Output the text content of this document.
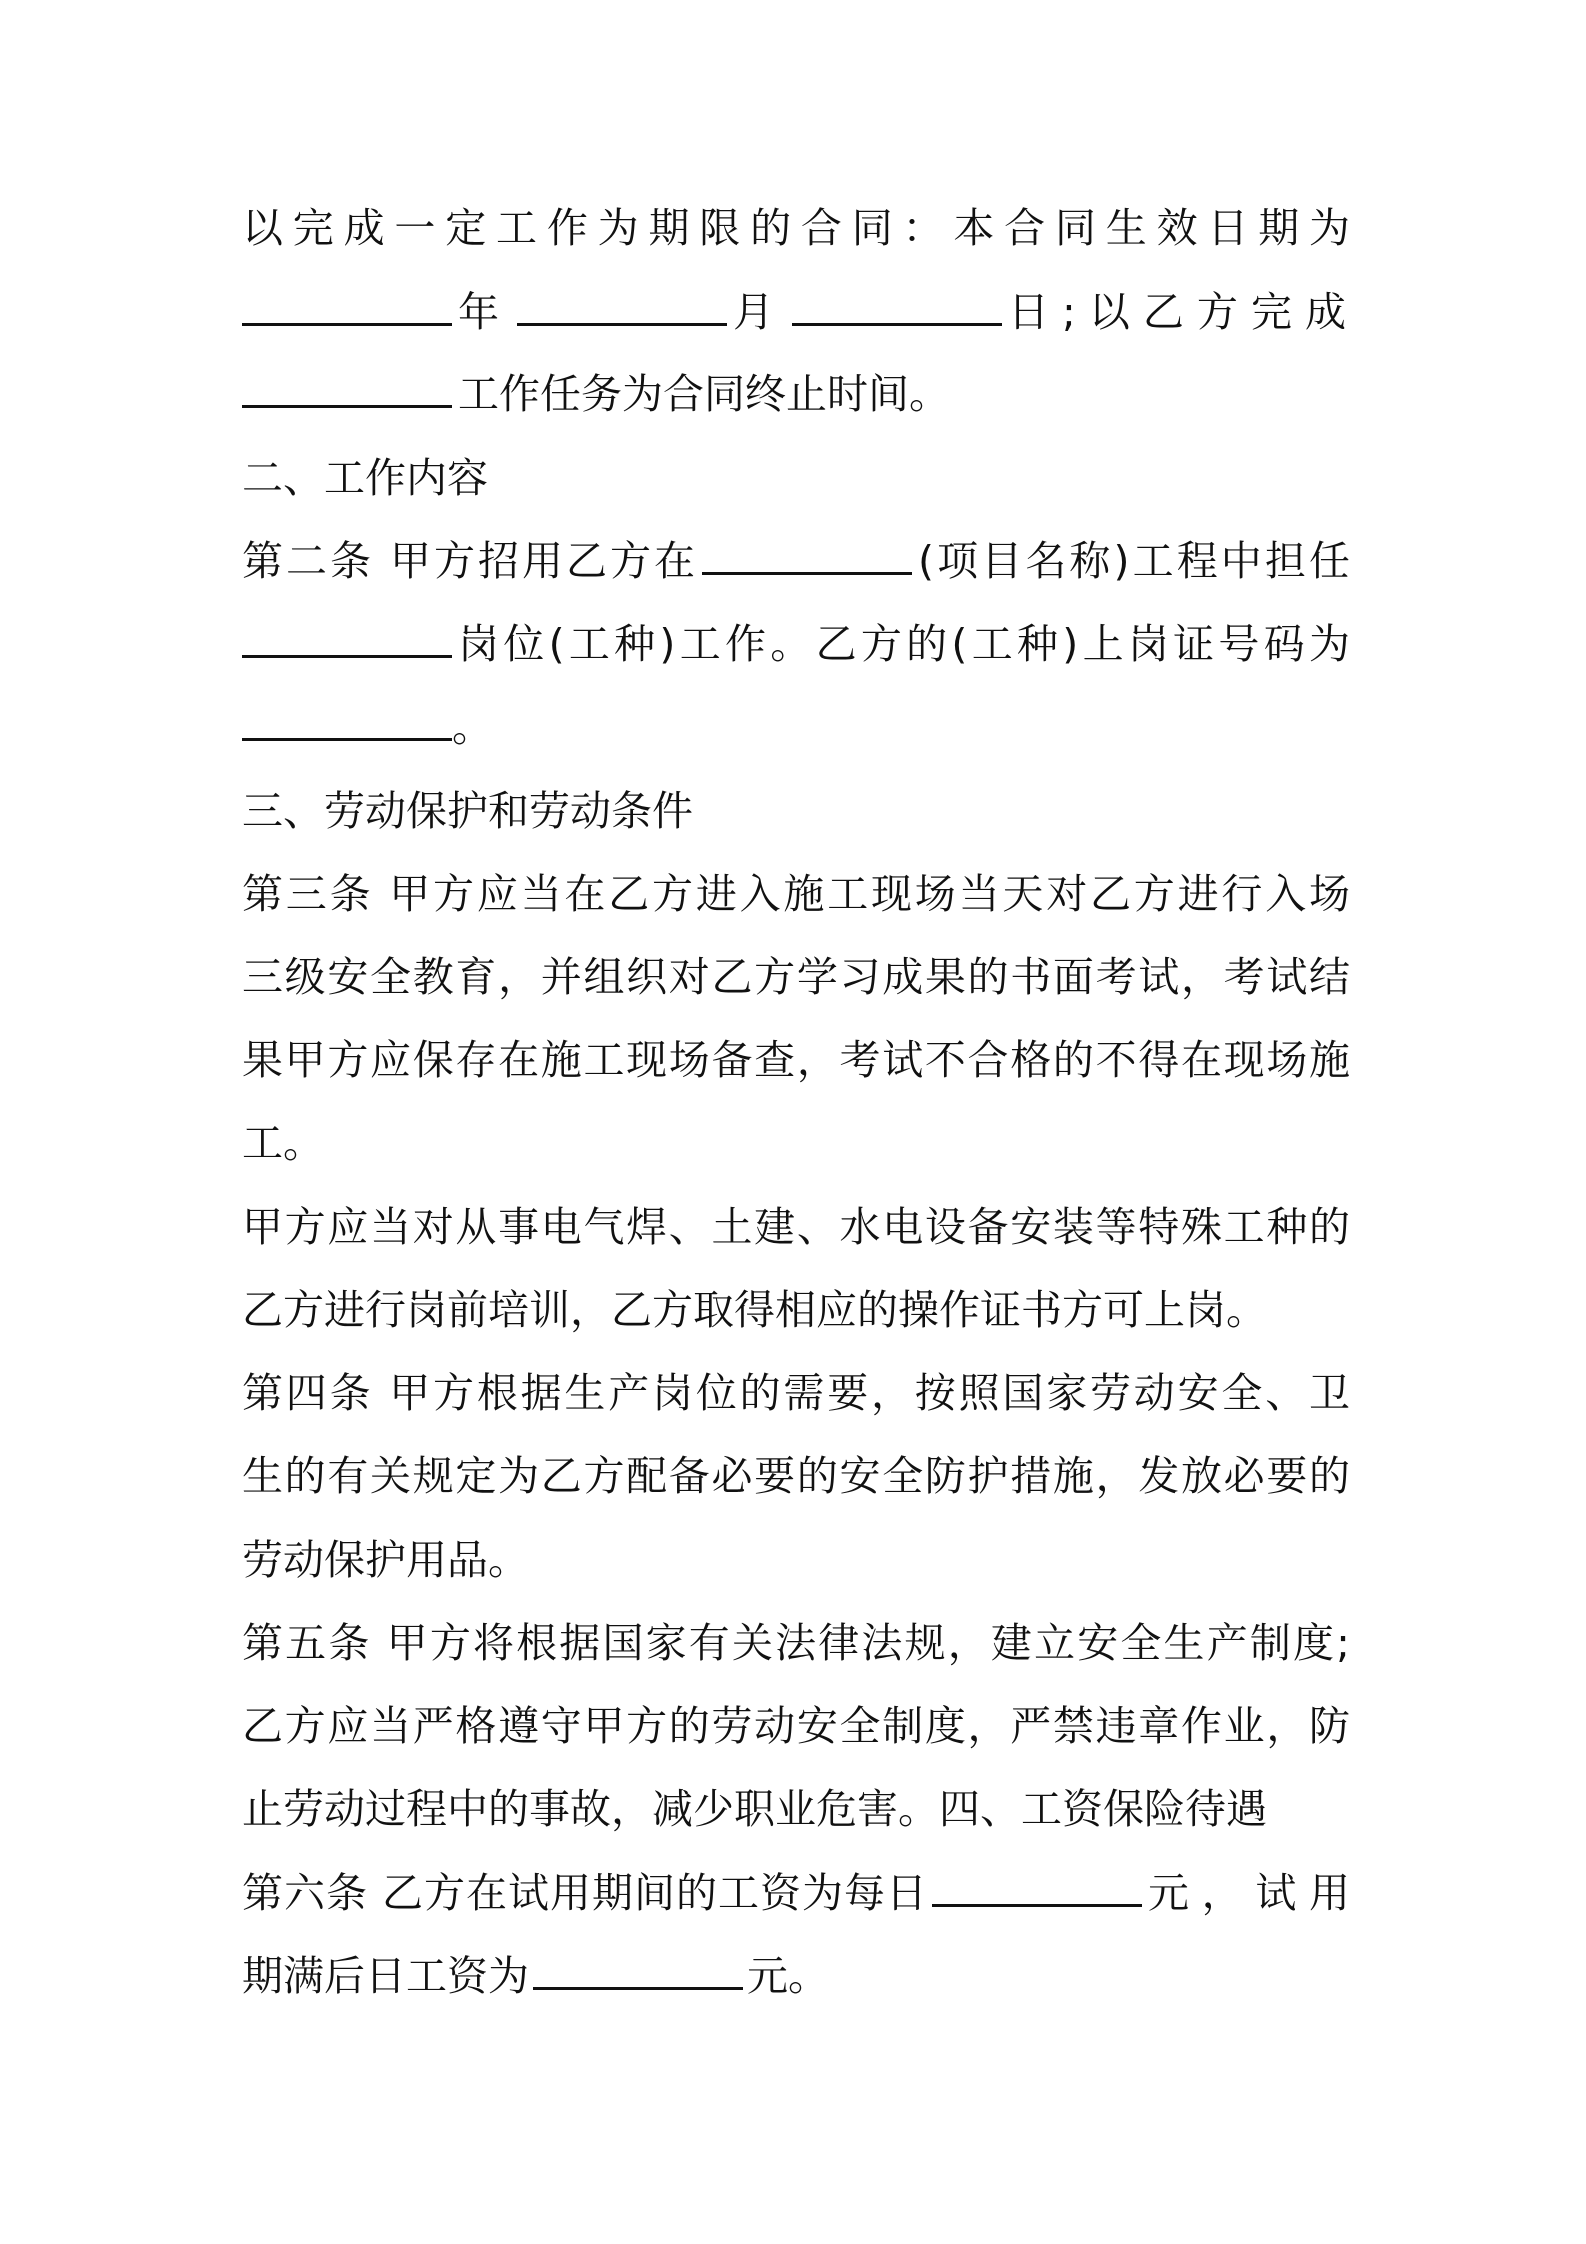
以完成一定工作为期限的合同：本合同生效日期为
年	月	日;以乙方完成
工作任务为合同终止时间。
二、工作内容
第二条 甲方招用乙方在	(项目名称)工程中担任
岗位(工种)工作。乙方的(工种)上岗证号码为
。
三、劳动保护和劳动条件
第三条 甲方应当在乙方进入施工现场当天对乙方进行入场
三级安全教育，并组织对乙方学习成果的书面考试，考试结
果甲方应保存在施工现场备查，考试不合格的不得在现场施
工。
甲方应当对从事电气焊、土建、水电设备安装等特殊工种的
乙方进行岗前培训，乙方取得相应的操作证书方可上岗。
第四条 甲方根据生产岗位的需要，按照国家劳动安全、卫
生的有关规定为乙方配备必要的安全防护措施，发放必要的
劳动保护用品。
第五条 甲方将根据国家有关法律法规，建立安全生产制度;
乙方应当严格遵守甲方的劳动安全制度，严禁违章作业，防
止劳动过程中的事故，减少职业危害。四、工资保险待遇
第六条 乙方在试用期间的工资为每日	元，试用
期满后日工资为	元。
